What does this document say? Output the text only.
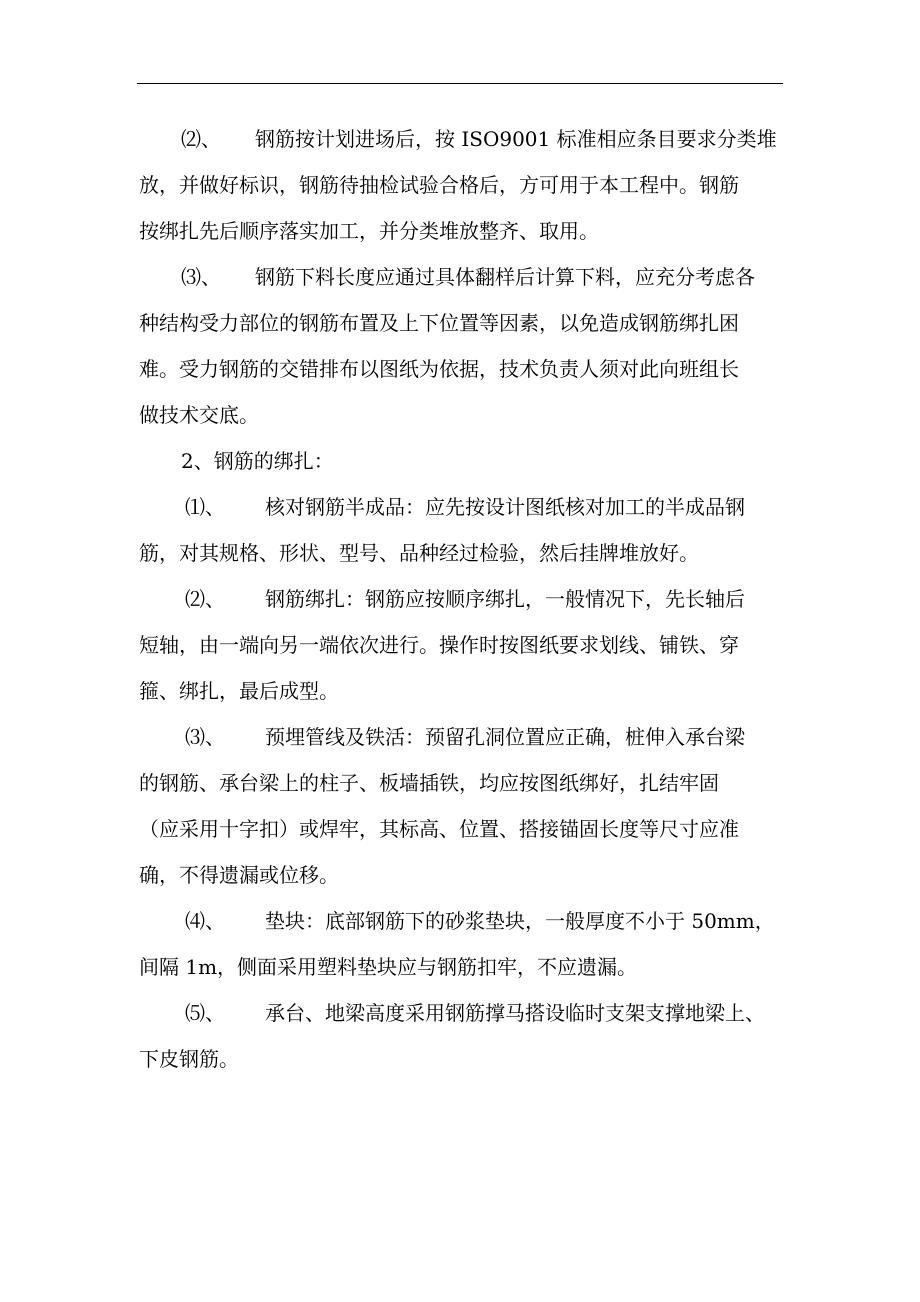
⑵、 钢筋按计划进场后，按 ISO9001 标准相应条目要求分类堆
放，并做好标识，钢筋待抽检试验合格后，方可用于本工程中。钢筋
按绑扎先后顺序落实加工，并分类堆放整齐、取用。
⑶、 钢筋下料长度应通过具体翻样后计算下料，应充分考虑各
种结构受力部位的钢筋布置及上下位置等因素，以免造成钢筋绑扎困
难。受力钢筋的交错排布以图纸为依据，技术负责人须对此向班组长
做技术交底。
2、钢筋的绑扎：
⑴、 核对钢筋半成品：应先按设计图纸核对加工的半成品钢
筋，对其规格、形状、型号、品种经过检验，然后挂牌堆放好。
⑵、 钢筋绑扎：钢筋应按顺序绑扎，一般情况下，先长轴后
短轴，由一端向另一端依次进行。操作时按图纸要求划线、铺铁、穿
箍、绑扎，最后成型。
⑶、 预埋管线及铁活：预留孔洞位置应正确，桩伸入承台梁
的钢筋、承台梁上的柱子、板墙插铁，均应按图纸绑好，扎结牢固
（应采用十字扣）或焊牢，其标高、位置、搭接锚固长度等尺寸应准
确，不得遗漏或位移。
⑷、 垫块：底部钢筋下的砂浆垫块，一般厚度不小于 50mm，
间隔 1m，侧面采用塑料垫块应与钢筋扣牢，不应遗漏。
⑸、 承台、地梁高度采用钢筋撑马搭设临时支架支撑地梁上、
下皮钢筋。
